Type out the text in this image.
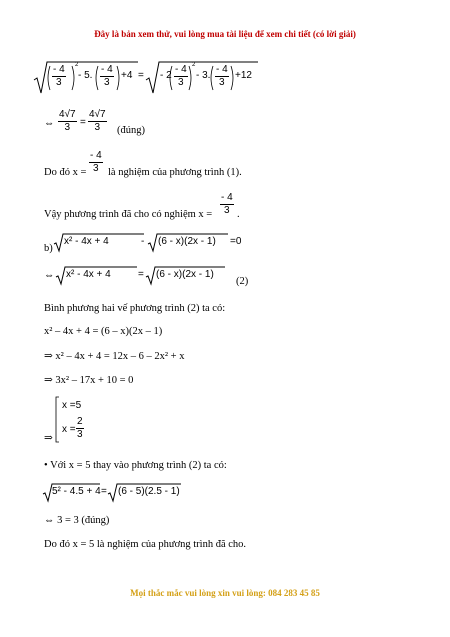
Đây là bản xem thử, vui lòng mua tài liệu để xem chi tiết (có lời giải)
$\frac{- 4}{3} 2$
- 5. $\frac{- 4}{3} +4$ = - $2 \frac{- 4}{3} 2$
- 3. $\frac{- 4}{3} +12$
⇔ $\frac{4√7}{3} = \frac{4√7}{3}$ (đúng)
Do đó $x = \frac{- 4}{3}$ là nghiệm của phương trình (1).
Vậy phương trình đã cho có nghiệm $x = \frac{- 4}{3}$ .
b)
x² - 4x + 4	- (6 - x)(2x - 1) =0
⇔ x² - 4x + 4	= (6 - x)(2x - 1)
(2)
Bình phương hai vế phương trình (2) ta có:
x² – 4x + 4 = (6 – x)(2x – 1)
⇒ x² – 4x + 4 = 12x – 6 – 2x² + x
⇒ 3x² – 17x + 10 = 0
⇒
x =5
$x = \frac{2}{3}$
• Với x = 5 thay vào phương trình (2) ta có:
5² - 4.5 + 4 = (6 - 5)(2.5 - 1)
⇔ 3 = 3 (đúng)
Do đó x = 5 là nghiệm của phương trình đã cho.
Mọi thắc mắc vui lòng xin vui lòng: 084 283 45 85
